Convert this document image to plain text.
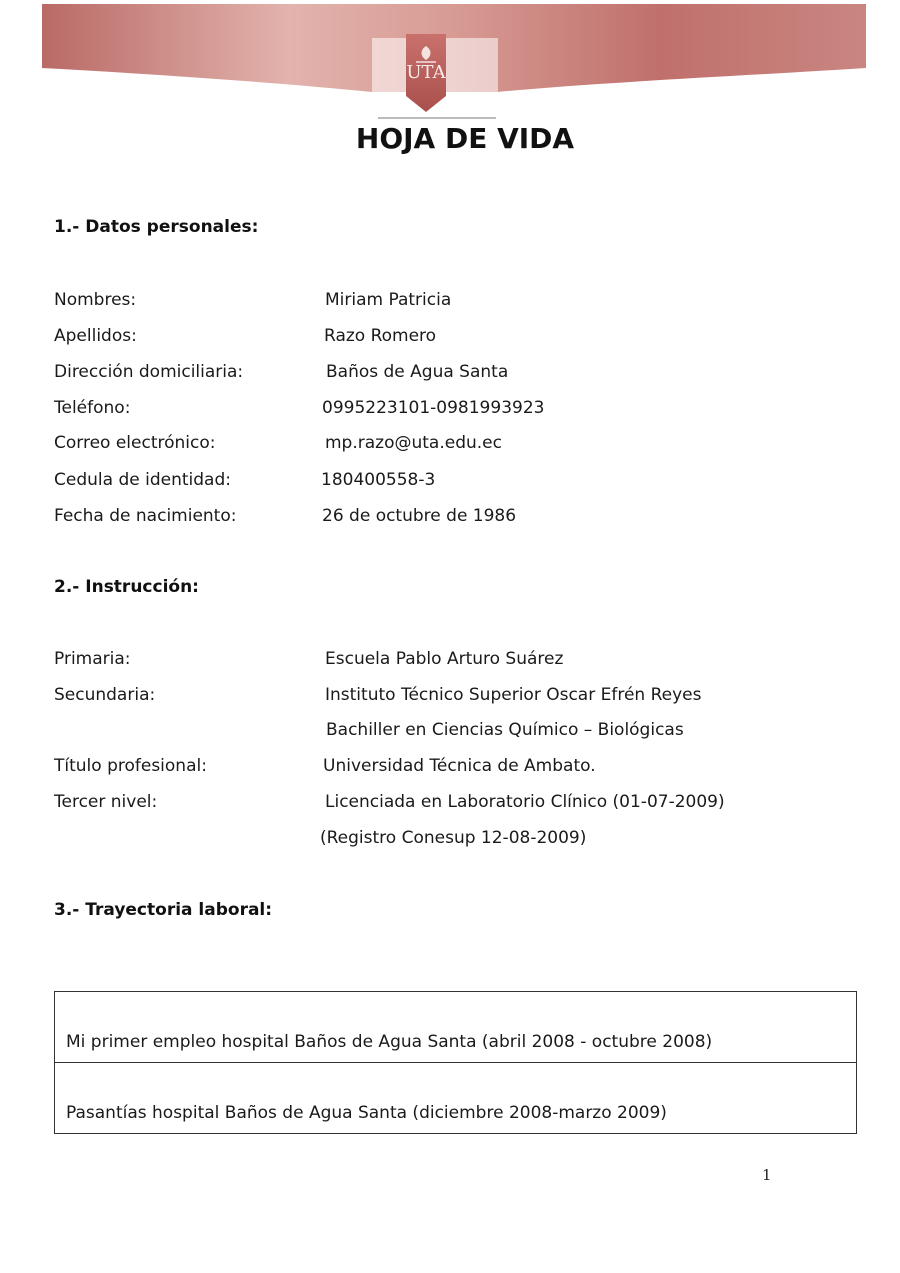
UTA
HOJA DE VIDA
1.- Datos personales:
Nombres:	Miriam Patricia
Apellidos:	Razo Romero
Dirección domiciliaria:	Baños de Agua Santa
Teléfono:	0995223101-0981993923
Correo electrónico:	mp.razo@uta.edu.ec
Cedula de identidad:	180400558-3
Fecha de nacimiento:	26 de octubre de 1986
2.- Instrucción:
Primaria:	Escuela Pablo Arturo Suárez
Secundaria:	Instituto Técnico Superior Oscar Efrén Reyes
Bachiller en Ciencias Químico – Biológicas
Título profesional:	Universidad Técnica de Ambato.
Tercer nivel:	Licenciada en Laboratorio Clínico (01-07-2009)
(Registro Conesup 12-08-2009)
3.- Trayectoria laboral:
Mi primer empleo hospital Baños de Agua Santa (abril 2008 - octubre 2008)

Pasantías hospital Baños de Agua Santa (diciembre 2008-marzo 2009)
1
